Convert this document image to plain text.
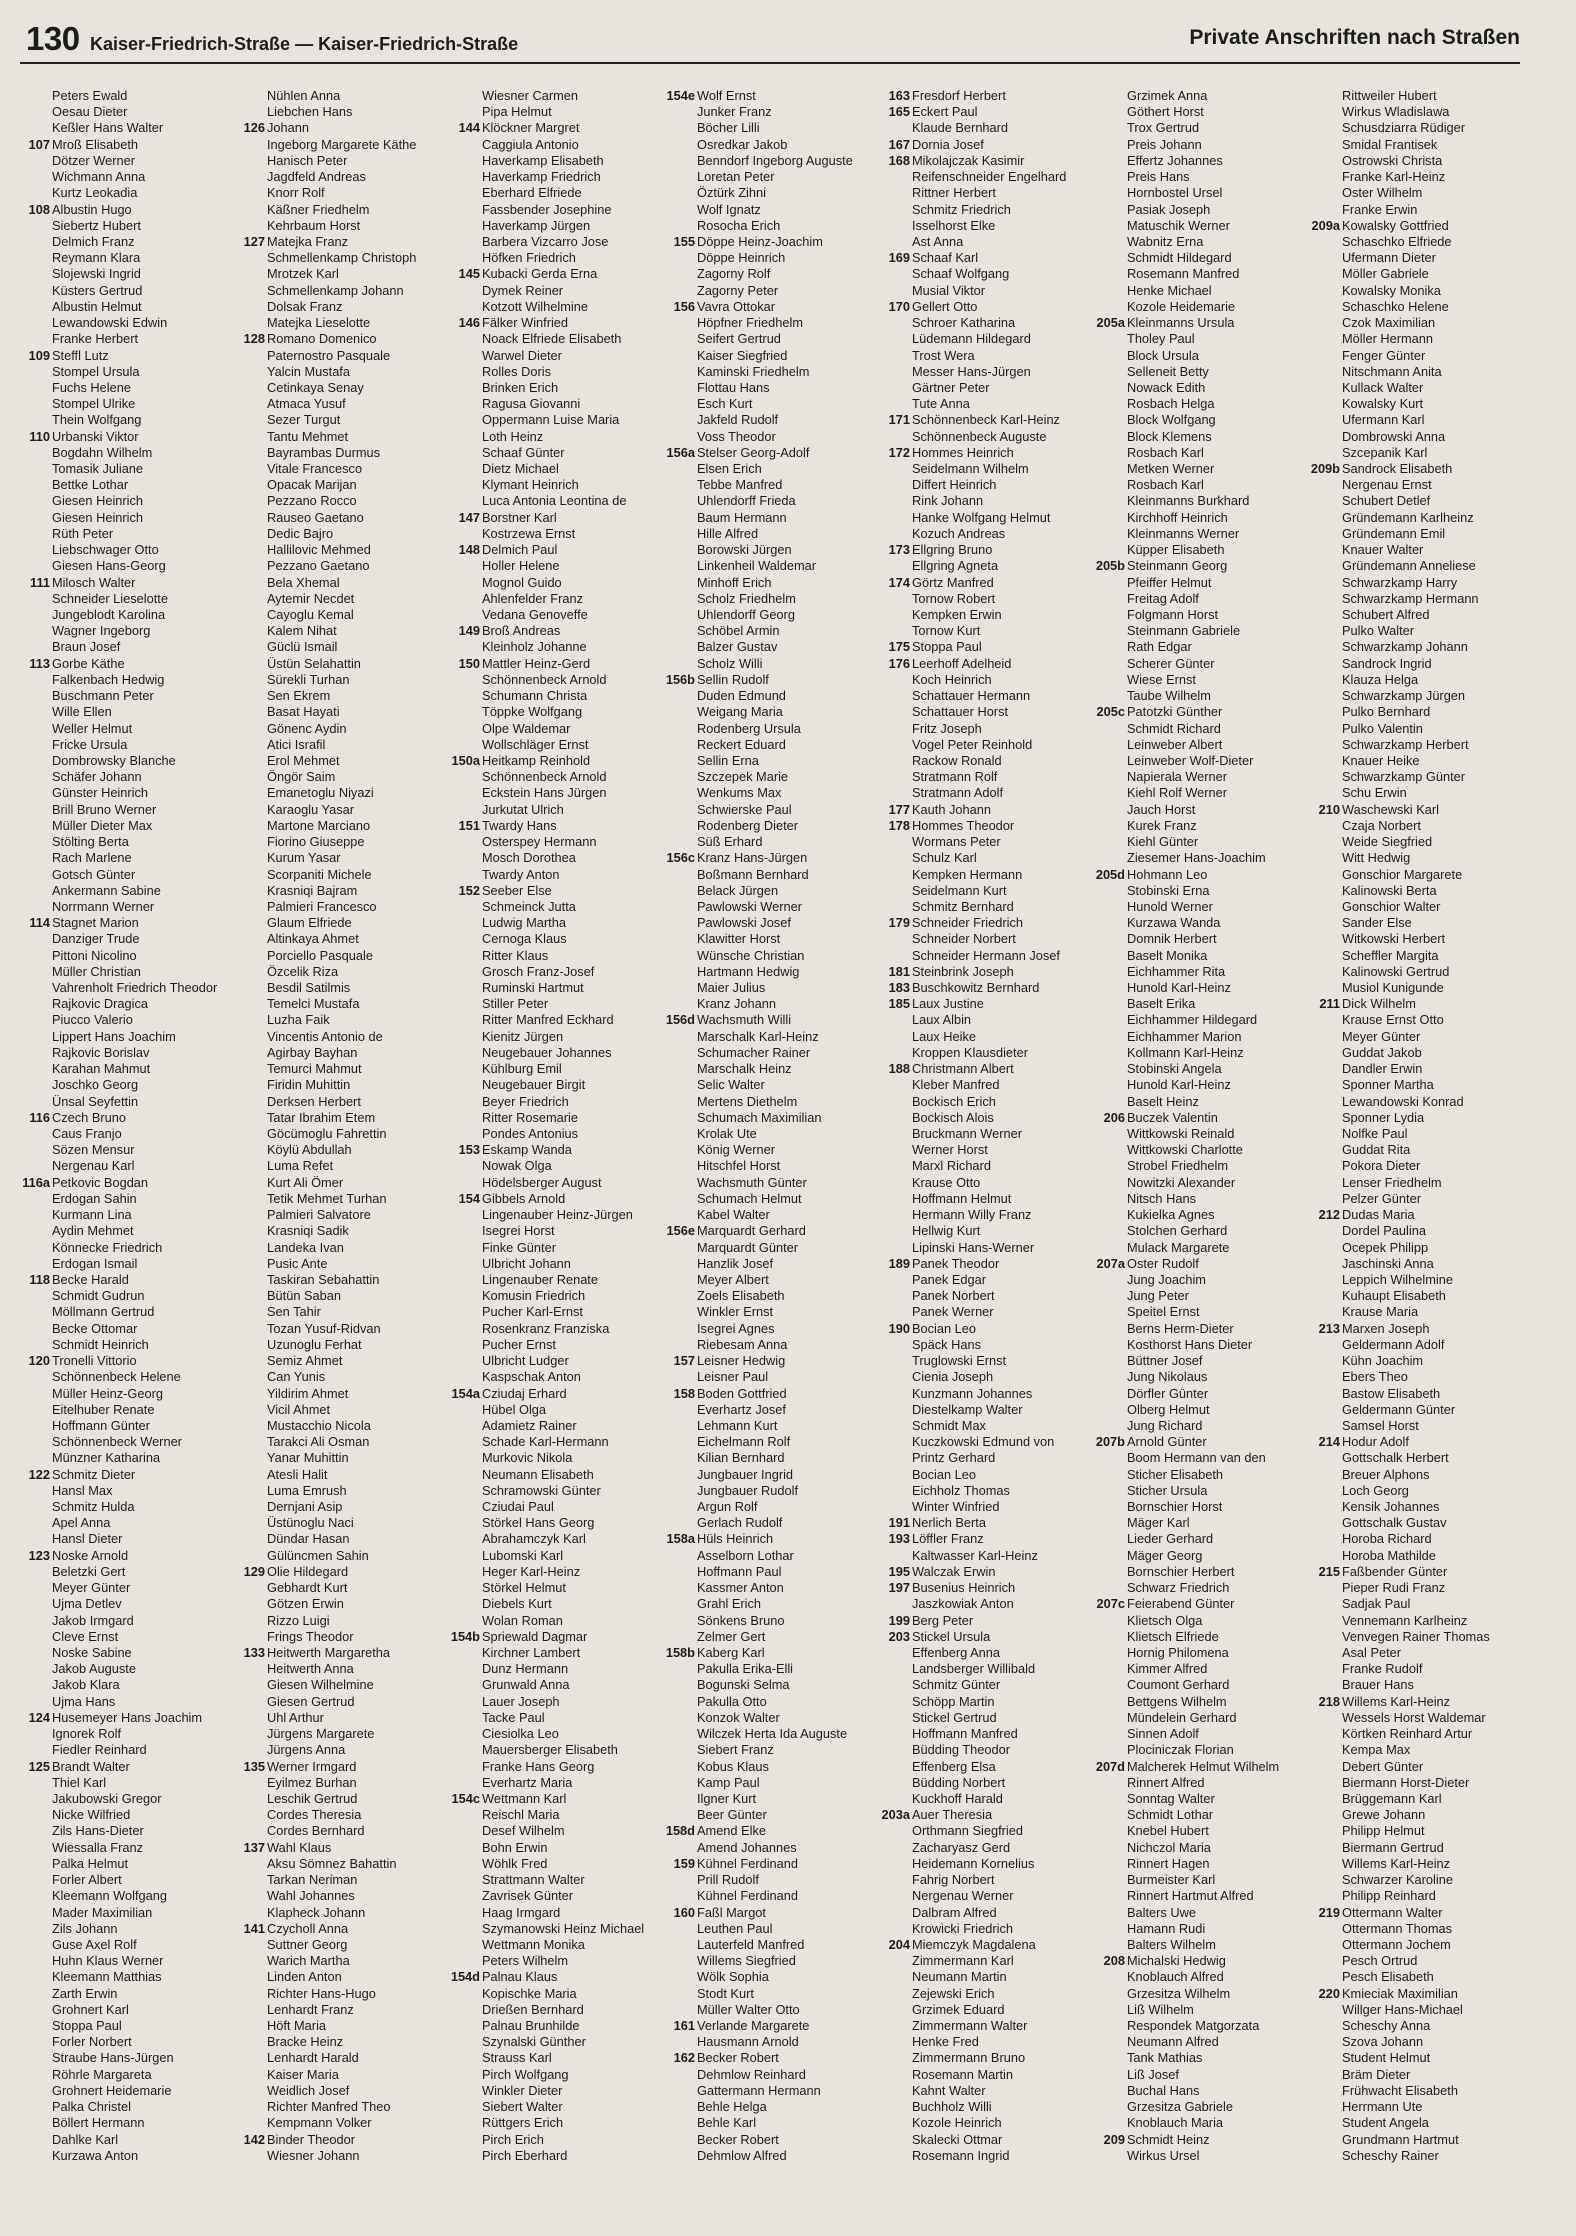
130 Kaiser-Friedrich-Straße — Kaiser-Friedrich-Straße	Private Anschriften nach Straßen
Peters Ewald
Oesau Dieter
Keßler Hans Walter
107 Mroß Elisabeth
Dötzer Werner
Wichmann Anna
Kurtz Leokadia
108 Albustin Hugo
Siebertz Hubert
Delmich Franz
Reymann Klara
Slojewski Ingrid
Küsters Gertrud
Albustin Helmut
Lewandowski Edwin
Franke Herbert
109 Steffl Lutz
Stompel Ursula
Fuchs Helene
Stompel Ulrike
Thein Wolfgang
110 Urbanski Viktor
Bogdahn Wilhelm
Tomasik Juliane
Bettke Lothar
Giesen Heinrich
Giesen Heinrich
Rüth Peter
Liebschwager Otto
Giesen Hans-Georg
111 Milosch Walter
Schneider Lieselotte
Jungeblodt Karolina
Wagner Ingeborg
Braun Josef
113 Gorbe Käthe
Falkenbach Hedwig
Buschmann Peter
Wille Ellen
Weller Helmut
Fricke Ursula
Dombrowsky Blanche
Schäfer Johann
Günster Heinrich
Brill Bruno Werner
Müller Dieter Max
Stölting Berta
Rach Marlene
Gotsch Günter
Ankermann Sabine
Norrmann Werner
114 Stagnet Marion
Danziger Trude
Pittoni Nicolino
Müller Christian
Vahrenholt Friedrich Theodor
Rajkovic Dragica
Piucco Valerio
Lippert Hans Joachim
Rajkovic Borislav
Karahan Mahmut
Joschko Georg
Ünsal Seyfettin
116 Czech Bruno
Caus Franjo
Sözen Mensur
Nergenau Karl
116a Petkovic Bogdan
Erdogan Sahin
Kurmann Lina
Aydin Mehmet
Könnecke Friedrich
Erdogan Ismail
118 Becke Harald
Schmidt Gudrun
Möllmann Gertrud
Becke Ottomar
Schmidt Heinrich
120 Tronelli Vittorio
Schönnenbeck Helene
Müller Heinz-Georg
Eitelhuber Renate
Hoffmann Günter
Schönnenbeck Werner
Münzner Katharina
122 Schmitz Dieter
Hansl Max
Schmitz Hulda
Apel Anna
Hansl Dieter
123 Noske Arnold
Beletzki Gert
Meyer Günter
Ujma Detlev
Jakob Irmgard
Cleve Ernst
Noske Sabine
Jakob Auguste
Jakob Klara
Ujma Hans
124 Husemeyer Hans Joachim
Ignorek Rolf
Fiedler Reinhard
125 Brandt Walter
Thiel Karl
Jakubowski Gregor
Nicke Wilfried
Zils Hans-Dieter
Wiessalla Franz
Palka Helmut
Forler Albert
Kleemann Wolfgang
Mader Maximilian
Zils Johann
Guse Axel Rolf
Huhn Klaus Werner
Kleemann Matthias
Zarth Erwin
Grohnert Karl
Stoppa Paul
Forler Norbert
Straube Hans-Jürgen
Röhrle Margareta
Grohnert Heidemarie
Palka Christel
Böllert Hermann
Dahlke Karl
Kurzawa Anton
Nühlen Anna
Liebchen Hans
126 Johann
Ingeborg Margarete Käthe
Hanisch Peter
Jagdfeld Andreas
Knorr Rolf
Käßner Friedhelm
Kehrbaum Horst
127 Matejka Franz
Schmellenkamp Christoph
Mrotzek Karl
Schmellenkamp Johann
Dolsak Franz
Matejka Lieselotte
128 Romano Domenico
Paternostro Pasquale
Yalcin Mustafa
Cetinkaya Senay
Atmaca Yusuf
Sezer Turgut
Tantu Mehmet
Bayrambas Durmus
Vitale Francesco
Opacak Marijan
Pezzano Rocco
Rauseo Gaetano
Dedic Bajro
Hallilovic Mehmed
Pezzano Gaetano
Bela Xhemal
Aytemir Necdet
Cayoglu Kemal
Kalem Nihat
Güclü Ismail
Üstün Selahattin
Sürekli Turhan
Sen Ekrem
Basat Hayati
Gönenc Aydin
Atici Israfil
Erol Mehmet
Öngör Saim
Emanetoglu Niyazi
Karaoglu Yasar
Martone Marciano
Fiorino Giuseppe
Kurum Yasar
Scorpaniti Michele
Krasniqi Bajram
Palmieri Francesco
Glaum Elfriede
Altinkaya Ahmet
Porciello Pasquale
Özcelik Riza
Besdil Satilmis
Temelci Mustafa
Luzha Faik
Vincentis Antonio de
Agirbay Bayhan
Temurci Mahmut
Firidin Muhittin
Derksen Herbert
Tatar Ibrahim Etem
Göcümoglu Fahrettin
Köylü Abdullah
Luma Refet
Kurt Ali Ömer
Tetik Mehmet Turhan
Palmieri Salvatore
Krasniqi Sadik
Landeka Ivan
Pusic Ante
Taskiran Sebahattin
Bütün Saban
Sen Tahir
Tozan Yusuf-Ridvan
Uzunoglu Ferhat
Semiz Ahmet
Can Yunis
Yildirim Ahmet
Vicil Ahmet
Mustacchio Nicola
Tarakci Ali Osman
Yanar Muhittin
Atesli Halit
Luma Emrush
Dernjani Asip
Üstünoglu Naci
Dündar Hasan
Gülüncmen Sahin
129 Olie Hildegard
Gebhardt Kurt
Götzen Erwin
Rizzo Luigi
Frings Theodor
133 Heitwerth Margaretha
Heitwerth Anna
Giesen Wilhelmine
Giesen Gertrud
Uhl Arthur
Jürgens Margarete
Jürgens Anna
135 Werner Irmgard
Eyilmez Burhan
Leschik Gertrud
Cordes Theresia
Cordes Bernhard
137 Wahl Klaus
Aksu Sömnez Bahattin
Tarkan Neriman
Wahl Johannes
Klapheck Johann
141 Czycholl Anna
Suttner Georg
Warich Martha
Linden Anton
Richter Hans-Hugo
Lenhardt Franz
Höft Maria
Bracke Heinz
Lenhardt Harald
Kaiser Maria
Weidlich Josef
Richter Manfred Theo
Kempmann Volker
142 Binder Theodor
Wiesner Johann
Wiesner Carmen
Pipa Helmut
144 Klöckner Margret
Caggiula Antonio
Haverkamp Elisabeth
Haverkamp Friedrich
Eberhard Elfriede
Fassbender Josephine
Haverkamp Jürgen
Barbera Vizcarro Jose
Höfken Friedrich
145 Kubacki Gerda Erna
Dymek Reiner
Kotzott Wilhelmine
146 Fälker Winfried
Noack Elfriede Elisabeth
Warwel Dieter
Rolles Doris
Brinken Erich
Ragusa Giovanni
Oppermann Luise Maria
Loth Heinz
Schaaf Günter
Dietz Michael
Klymant Heinrich
Luca Antonia Leontina de
147 Borstner Karl
Kostrzewa Ernst
148 Delmich Paul
Holler Helene
Mognol Guido
Ahlenfelder Franz
Vedana Genoveffe
149 Broß Andreas
Kleinholz Johanne
150 Mattler Heinz-Gerd
Schönnenbeck Arnold
Schumann Christa
Töppke Wolfgang
Olpe Waldemar
Wollschläger Ernst
150a Heitkamp Reinhold
Schönnenbeck Arnold
Eckstein Hans Jürgen
Jurkutat Ulrich
151 Twardy Hans
Osterspey Hermann
Mosch Dorothea
Twardy Anton
152 Seeber Else
Schmeinck Jutta
Ludwig Martha
Cernoga Klaus
Ritter Klaus
Grosch Franz-Josef
Ruminski Hartmut
Stiller Peter
Ritter Manfred Eckhard
Kienitz Jürgen
Neugebauer Johannes
Kühlburg Emil
Neugebauer Birgit
Beyer Friedrich
Ritter Rosemarie
Pondes Antonius
153 Eskamp Wanda
Nowak Olga
Hödelsberger August
154 Gibbels Arnold
Lingenauber Heinz-Jürgen
Isegrei Horst
Finke Günter
Ulbricht Johann
Lingenauber Renate
Komusin Friedrich
Pucher Karl-Ernst
Rosenkranz Franziska
Pucher Ernst
Ulbricht Ludger
Kaspschak Anton
154a Cziudaj Erhard
Hübel Olga
Adamietz Rainer
Schade Karl-Hermann
Murkovic Nikola
Neumann Elisabeth
Schramowski Günter
Cziudai Paul
Störkel Hans Georg
Abrahamczyk Karl
Lubomski Karl
Heger Karl-Heinz
Störkel Helmut
Diebels Kurt
Wolan Roman
154b Spriewald Dagmar
Kirchner Lambert
Dunz Hermann
Grunwald Anna
Lauer Joseph
Tacke Paul
Ciesiolka Leo
Mauersberger Elisabeth
Franke Hans Georg
Everhartz Maria
154c Wettmann Karl
Reischl Maria
Desef Wilhelm
Bohn Erwin
Wöhlk Fred
Strattmann Walter
Zavrisek Günter
Haag Irmgard
Szymanowski Heinz Michael
Wettmann Monika
Peters Wilhelm
154d Palnau Klaus
Kopischke Maria
Drießen Bernhard
Palnau Brunhilde
Szynalski Günther
Strauss Karl
Pirch Wolfgang
Winkler Dieter
Siebert Walter
Rüttgers Erich
Pirch Erich
Pirch Eberhard
154e Wolf Ernst
Junker Franz
Böcher Lilli
Osredkar Jakob
Benndorf Ingeborg Auguste
Loretan Peter
Öztürk Zihni
Wolf Ignatz
Rosocha Erich
155 Döppe Heinz-Joachim
Döppe Heinrich
Zagorny Rolf
Zagorny Peter
156 Vavra Ottokar
Höpfner Friedhelm
Seifert Gertrud
Kaiser Siegfried
Kaminski Friedhelm
Flottau Hans
Esch Kurt
Jakfeld Rudolf
Voss Theodor
156a Stelser Georg-Adolf
Elsen Erich
Tebbe Manfred
Uhlendorff Frieda
Baum Hermann
Hille Alfred
Borowski Jürgen
Linkenheil Waldemar
Minhoff Erich
Scholz Friedhelm
Uhlendorff Georg
Schöbel Armin
Balzer Gustav
Scholz Willi
156b Sellin Rudolf
Duden Edmund
Weigang Maria
Rodenberg Ursula
Reckert Eduard
Sellin Erna
Szczepek Marie
Wenkums Max
Schwierske Paul
Rodenberg Dieter
Süß Erhard
156c Kranz Hans-Jürgen
Boßmann Bernhard
Belack Jürgen
Pawlowski Werner
Pawlowski Josef
Klawitter Horst
Wünsche Christian
Hartmann Hedwig
Maier Julius
Kranz Johann
156d Wachsmuth Willi
Marschalk Karl-Heinz
Schumacher Rainer
Marschalk Heinz
Selic Walter
Mertens Diethelm
Schumach Maximilian
Krolak Ute
König Werner
Hitschfel Horst
Wachsmuth Günter
Schumach Helmut
Kabel Walter
156e Marquardt Gerhard
Marquardt Günter
Hanzlik Josef
Meyer Albert
Zoels Elisabeth
Winkler Ernst
Isegrei Agnes
Riebesam Anna
157 Leisner Hedwig
Leisner Paul
158 Boden Gottfried
Everhartz Josef
Lehmann Kurt
Eichelmann Rolf
Kilian Bernhard
Jungbauer Ingrid
Jungbauer Rudolf
Argun Rolf
Gerlach Rudolf
158a Hüls Heinrich
Asselborn Lothar
Hoffmann Paul
Kassmer Anton
Grahl Erich
Sönkens Bruno
Zelmer Gert
158b Kaberg Karl
Pakulla Erika-Elli
Bogunski Selma
Pakulla Otto
Konzok Walter
Wilczek Herta Ida Auguste
Siebert Franz
Kobus Klaus
Kamp Paul
Ilgner Kurt
Beer Günter
158d Amend Elke
Amend Johannes
159 Kühnel Ferdinand
Prill Rudolf
Kühnel Ferdinand
160 Faßl Margot
Leuthen Paul
Lauterfeld Manfred
Willems Siegfried
Wölk Sophia
Stodt Kurt
Müller Walter Otto
161 Verlande Margarete
Hausmann Arnold
162 Becker Robert
Dehmlow Reinhard
Gattermann Hermann
Behle Helga
Behle Karl
Becker Robert
Dehmlow Alfred
163 Fresdorf Herbert
165 Eckert Paul
Klaude Bernhard
167 Dornia Josef
168 Mikolajczak Kasimir
Reifenschneider Engelhard
Rittner Herbert
Schmitz Friedrich
Isselhorst Elke
Ast Anna
169 Schaaf Karl
Schaaf Wolfgang
Musial Viktor
170 Gellert Otto
Schroer Katharina
Lüdemann Hildegard
Trost Wera
Messer Hans-Jürgen
Gärtner Peter
Tute Anna
171 Schönnenbeck Karl-Heinz
Schönnenbeck Auguste
172 Hommes Heinrich
Seidelmann Wilhelm
Differt Heinrich
Rink Johann
Hanke Wolfgang Helmut
Kozuch Andreas
173 Ellgring Bruno
Ellgring Agneta
174 Görtz Manfred
Tornow Robert
Kempken Erwin
Tornow Kurt
175 Stoppa Paul
176 Leerhoff Adelheid
Koch Heinrich
Schattauer Hermann
Schattauer Horst
Fritz Joseph
Vogel Peter Reinhold
Rackow Ronald
Stratmann Rolf
Stratmann Adolf
177 Kauth Johann
178 Hommes Theodor
Wormans Peter
Schulz Karl
Kempken Hermann
Seidelmann Kurt
Schmitz Bernhard
179 Schneider Friedrich
Schneider Norbert
Schneider Hermann Josef
181 Steinbrink Joseph
183 Buschkowitz Bernhard
185 Laux Justine
Laux Albin
Laux Heike
Kroppen Klausdieter
188 Christmann Albert
Kleber Manfred
Bockisch Erich
Bockisch Alois
Bruckmann Werner
Werner Horst
Marxl Richard
Krause Otto
Hoffmann Helmut
Hermann Willy Franz
Hellwig Kurt
Lipinski Hans-Werner
189 Panek Theodor
Panek Edgar
Panek Norbert
Panek Werner
190 Bocian Leo
Späck Hans
Truglowski Ernst
Cienia Joseph
Kunzmann Johannes
Diestelkamp Walter
Schmidt Max
Kuczkowski Edmund von
Printz Gerhard
Bocian Leo
Eichholz Thomas
Winter Winfried
191 Nerlich Berta
193 Löffler Franz
Kaltwasser Karl-Heinz
195 Walczak Erwin
197 Busenius Heinrich
Jaszkowiak Anton
199 Berg Peter
203 Stickel Ursula
Effenberg Anna
Landsberger Willibald
Schmitz Günter
Schöpp Martin
Stickel Gertrud
Hoffmann Manfred
Büdding Theodor
Effenberg Elsa
Büdding Norbert
Kuckhoff Harald
203a Auer Theresia
Orthmann Siegfried
Zacharyasz Gerd
Heidemann Kornelius
Fahrig Norbert
Nergenau Werner
Dalbram Alfred
Krowicki Friedrich
204 Miemczyk Magdalena
Zimmermann Karl
Neumann Martin
Zejewski Erich
Grzimek Eduard
Zimmermann Walter
Henke Fred
Zimmermann Bruno
Rosemann Martin
Kahnt Walter
Buchholz Willi
Kozole Heinrich
Skalecki Ottmar
Rosemann Ingrid
Grzimek Anna
Göthert Horst
Trox Gertrud
Preis Johann
Effertz Johannes
Preis Hans
Hornbostel Ursel
Pasiak Joseph
Matuschik Werner
Wabnitz Erna
Schmidt Hildegard
Rosemann Manfred
Henke Michael
Kozole Heidemarie
205a Kleinmanns Ursula
Tholey Paul
Block Ursula
Selleneit Betty
Nowack Edith
Rosbach Helga
Block Wolfgang
Block Klemens
Rosbach Karl
Metken Werner
Rosbach Karl
Kleinmanns Burkhard
Kirchhoff Heinrich
Kleinmanns Werner
Küpper Elisabeth
205b Steinmann Georg
Pfeiffer Helmut
Freitag Adolf
Folgmann Horst
Steinmann Gabriele
Rath Edgar
Scherer Günter
Wiese Ernst
Taube Wilhelm
205c Patotzki Günther
Schmidt Richard
Leinweber Albert
Leinweber Wolf-Dieter
Napierala Werner
Kiehl Rolf Werner
Jauch Horst
Kurek Franz
Kiehl Günter
Ziesemer Hans-Joachim
205d Hohmann Leo
Stobinski Erna
Hunold Werner
Kurzawa Wanda
Domnik Herbert
Baselt Monika
Eichhammer Rita
Hunold Karl-Heinz
Baselt Erika
Eichhammer Hildegard
Eichhammer Marion
Kollmann Karl-Heinz
Stobinski Angela
Hunold Karl-Heinz
Baselt Heinz
206 Buczek Valentin
Wittkowski Reinald
Wittkowski Charlotte
Strobel Friedhelm
Nowitzki Alexander
Nitsch Hans
Kukielka Agnes
Stolchen Gerhard
Mulack Margarete
207a Oster Rudolf
Jung Joachim
Jung Peter
Speitel Ernst
Berns Herm-Dieter
Kosthorst Hans Dieter
Büttner Josef
Jung Nikolaus
Dörfler Günter
Olberg Helmut
Jung Richard
207b Arnold Günter
Boom Hermann van den
Sticher Elisabeth
Sticher Ursula
Bornschier Horst
Mäger Karl
Lieder Gerhard
Mäger Georg
Bornschier Herbert
Schwarz Friedrich
207c Feierabend Günter
Klietsch Olga
Klietsch Elfriede
Hornig Philomena
Kimmer Alfred
Coumont Gerhard
Bettgens Wilhelm
Mündelein Gerhard
Sinnen Adolf
Plociniczak Florian
207d Malcherek Helmut Wilhelm
Rinnert Alfred
Sonntag Walter
Schmidt Lothar
Knebel Hubert
Nichczol Maria
Rinnert Hagen
Burmeister Karl
Rinnert Hartmut Alfred
Balters Uwe
Hamann Rudi
Balters Wilhelm
208 Michalski Hedwig
Knoblauch Alfred
Grzesitza Wilhelm
Liß Wilhelm
Respondek Matgorzata
Neumann Alfred
Tank Mathias
Liß Josef
Buchal Hans
Grzesitza Gabriele
Knoblauch Maria
209 Schmidt Heinz
Wirkus Ursel
Rittweiler Hubert
Wirkus Wladislawa
Schusdziarra Rüdiger
Smidal Frantisek
Ostrowski Christa
Franke Karl-Heinz
Oster Wilhelm
Franke Erwin
209a Kowalsky Gottfried
Schaschko Elfriede
Ufermann Dieter
Möller Gabriele
Kowalsky Monika
Schaschko Helene
Czok Maximilian
Möller Hermann
Fenger Günter
Nitschmann Anita
Kullack Walter
Kowalsky Kurt
Ufermann Karl
Dombrowski Anna
Szcepanik Karl
209b Sandrock Elisabeth
Nergenau Ernst
Schubert Detlef
Gründemann Karlheinz
Gründemann Emil
Knauer Walter
Gründemann Anneliese
Schwarzkamp Harry
Schwarzkamp Hermann
Schubert Alfred
Pulko Walter
Schwarzkamp Johann
Sandrock Ingrid
Klauza Helga
Schwarzkamp Jürgen
Pulko Bernhard
Pulko Valentin
Schwarzkamp Herbert
Knauer Heike
Schwarzkamp Günter
Schu Erwin
210 Waschewski Karl
Czaja Norbert
Weide Siegfried
Witt Hedwig
Gonschior Margarete
Kalinowski Berta
Gonschior Walter
Sander Else
Witkowski Herbert
Scheffler Margita
Kalinowski Gertrud
Musiol Kunigunde
211 Dick Wilhelm
Krause Ernst Otto
Meyer Günter
Guddat Jakob
Dandler Erwin
Sponner Martha
Lewandowski Konrad
Sponner Lydia
Nolfke Paul
Guddat Rita
Pokora Dieter
Lenser Friedhelm
Pelzer Günter
212 Dudas Maria
Dordel Paulina
Ocepek Philipp
Jaschinski Anna
Leppich Wilhelmine
Kuhaupt Elisabeth
Krause Maria
213 Marxen Joseph
Geldermann Adolf
Kühn Joachim
Ebers Theo
Bastow Elisabeth
Geldermann Günter
Samsel Horst
214 Hodur Adolf
Gottschalk Herbert
Breuer Alphons
Loch Georg
Kensik Johannes
Gottschalk Gustav
Horoba Richard
Horoba Mathilde
215 Faßbender Günter
Pieper Rudi Franz
Sadjak Paul
Vennemann Karlheinz
Venvegen Rainer Thomas
Asal Peter
Franke Rudolf
Brauer Hans
218 Willems Karl-Heinz
Wessels Horst Waldemar
Körtken Reinhard Artur
Kempa Max
Debert Günter
Biermann Horst-Dieter
Brüggemann Karl
Grewe Johann
Philipp Helmut
Biermann Gertrud
Willems Karl-Heinz
Schwarzer Karoline
Philipp Reinhard
219 Ottermann Walter
Ottermann Thomas
Ottermann Jochem
Pesch Ortrud
Pesch Elisabeth
220 Kmieciak Maximilian
Willger Hans-Michael
Scheschy Anna
Szova Johann
Student Helmut
Bräm Dieter
Frühwacht Elisabeth
Herrmann Ute
Student Angela
Grundmann Hartmut
Scheschy Rainer
